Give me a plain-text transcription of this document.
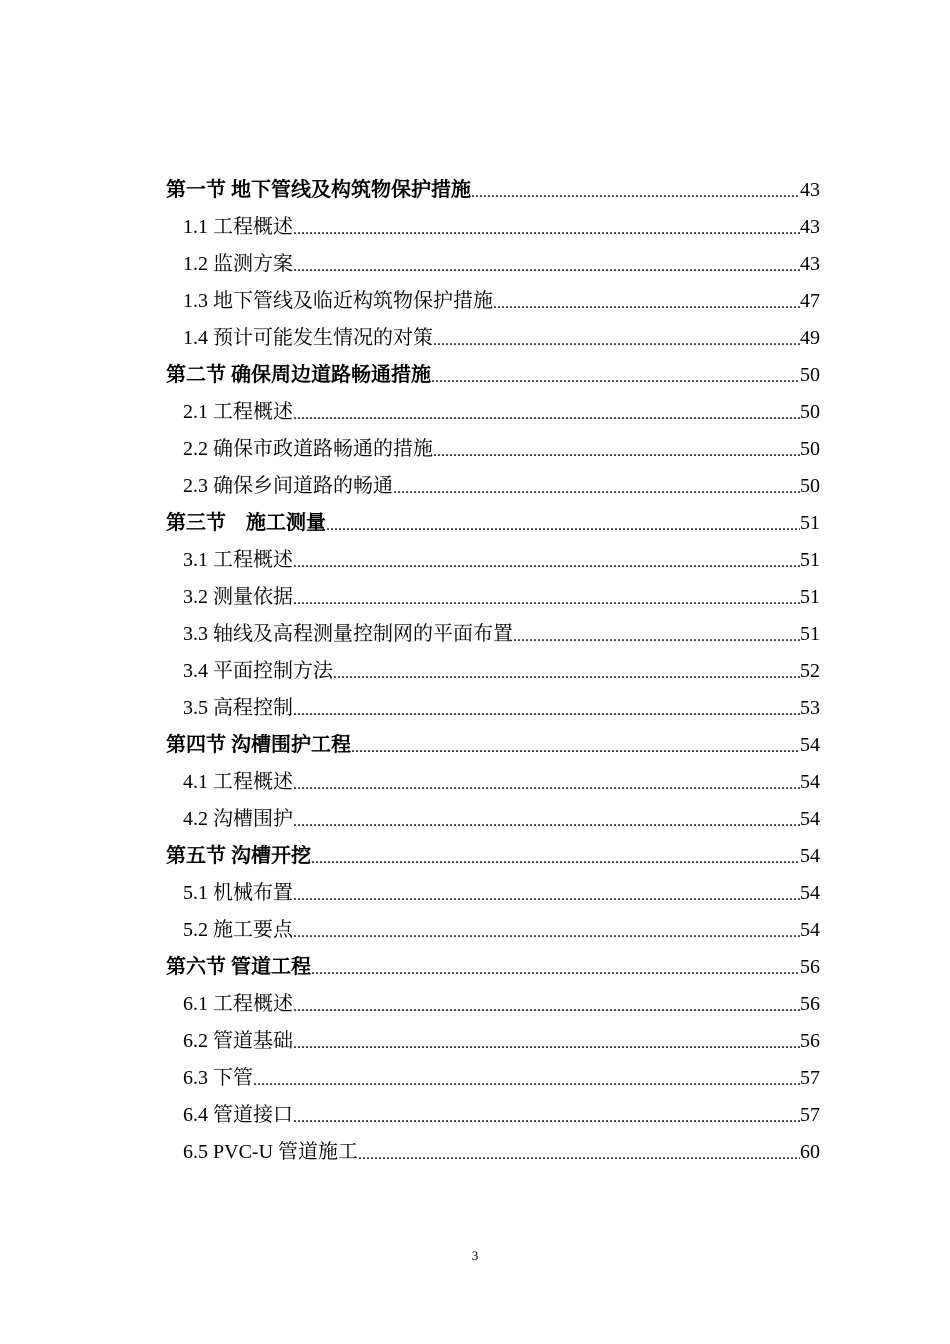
第一节 地下管线及构筑物保护措施 .....	43
1.1 工程概述 .....	43
1.2 监测方案 .....	43
1.3 地下管线及临近构筑物保护措施 .....	47
1.4 预计可能发生情况的对策 .....	49
第二节 确保周边道路畅通措施 .....	50
2.1 工程概述 .....	50
2.2 确保市政道路畅通的措施 .....	50
2.3 确保乡间道路的畅通 .....	50
第三节　施工测量 .....	51
3.1 工程概述 .....	51
3.2 测量依据 .....	51
3.3 轴线及高程测量控制网的平面布置 .....	51
3.4 平面控制方法 .....	52
3.5 高程控制 .....	53
第四节 沟槽围护工程 .....	54
4.1 工程概述 .....	54
4.2 沟槽围护 .....	54
第五节 沟槽开挖 .....	54
5.1 机械布置 .....	54
5.2 施工要点 .....	54
第六节 管道工程 .....	56
6.1 工程概述 .....	56
6.2 管道基础 .....	56
6.3 下管 .....	57
6.4 管道接口 .....	57
6.5 PVC-U 管道施工 .....	60
3
